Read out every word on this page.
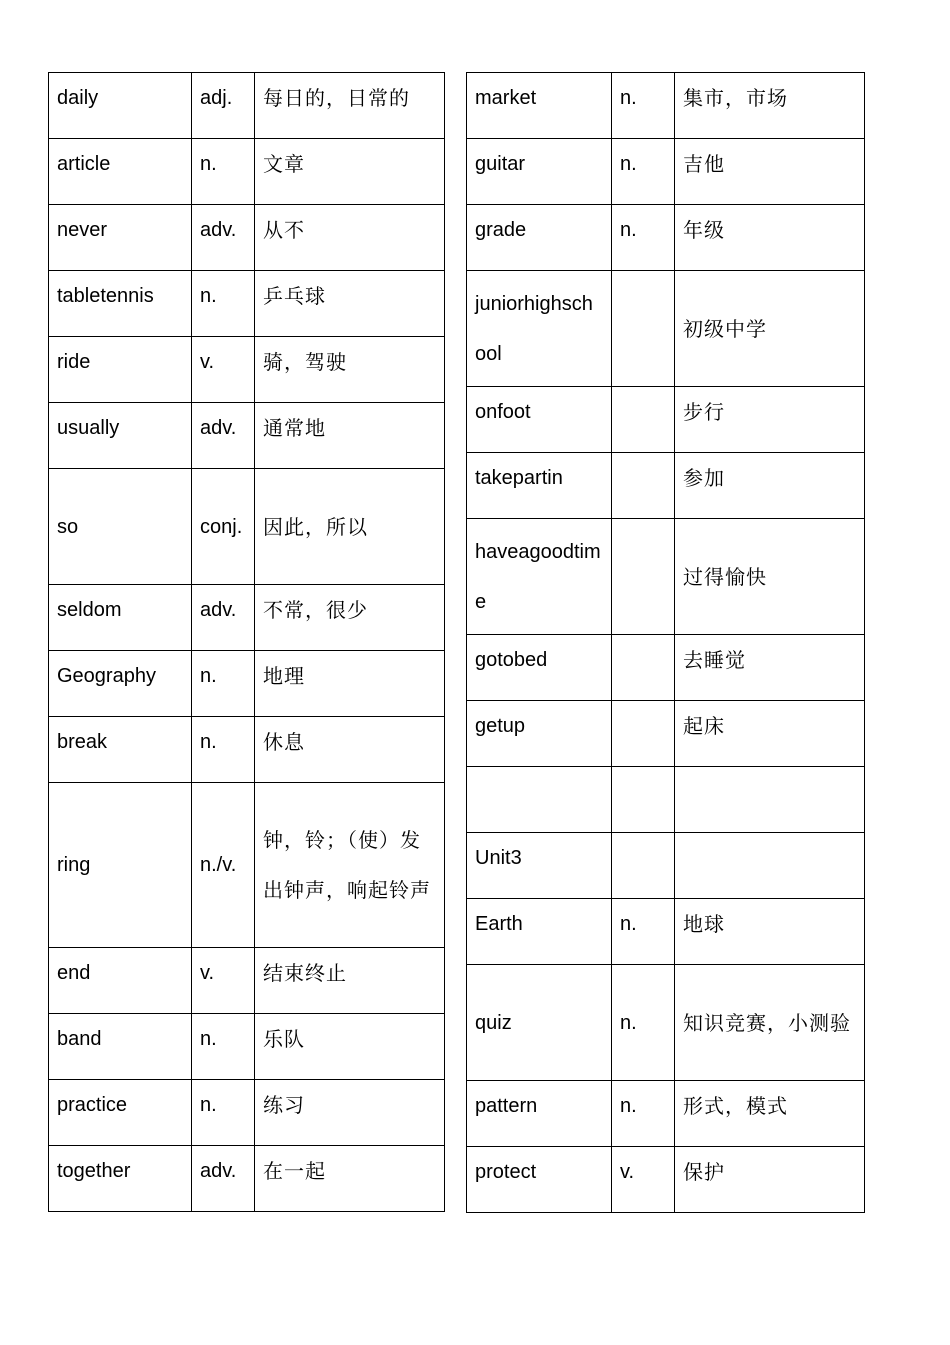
daily	adj.	每日的，日常的
article	n.	文章
never	adv.	从不
tabletennis	n.	乒乓球
ride	v.	骑，驾驶
usually	adv.	通常地
so	conj.	因此，所以
seldom	adv.	不常，很少
Geography	n.	地理
break	n.	休息
ring	n./v.	钟，铃；（使）发出钟声，响起铃声
end	v.	结束终止
band	n.	乐队
practice	n.	练习
together	adv.	在一起
market	n.	集市，市场
guitar	n.	吉他
grade	n.	年级
juniorhighschool		初级中学
onfoot		步行
takepartin		参加
haveagoodtime		过得愉快
gotobed		去睡觉
getup		起床

Unit3		
Earth	n.	地球
quiz	n.	知识竞赛，小测验
pattern	n.	形式，模式
protect	v.	保护
